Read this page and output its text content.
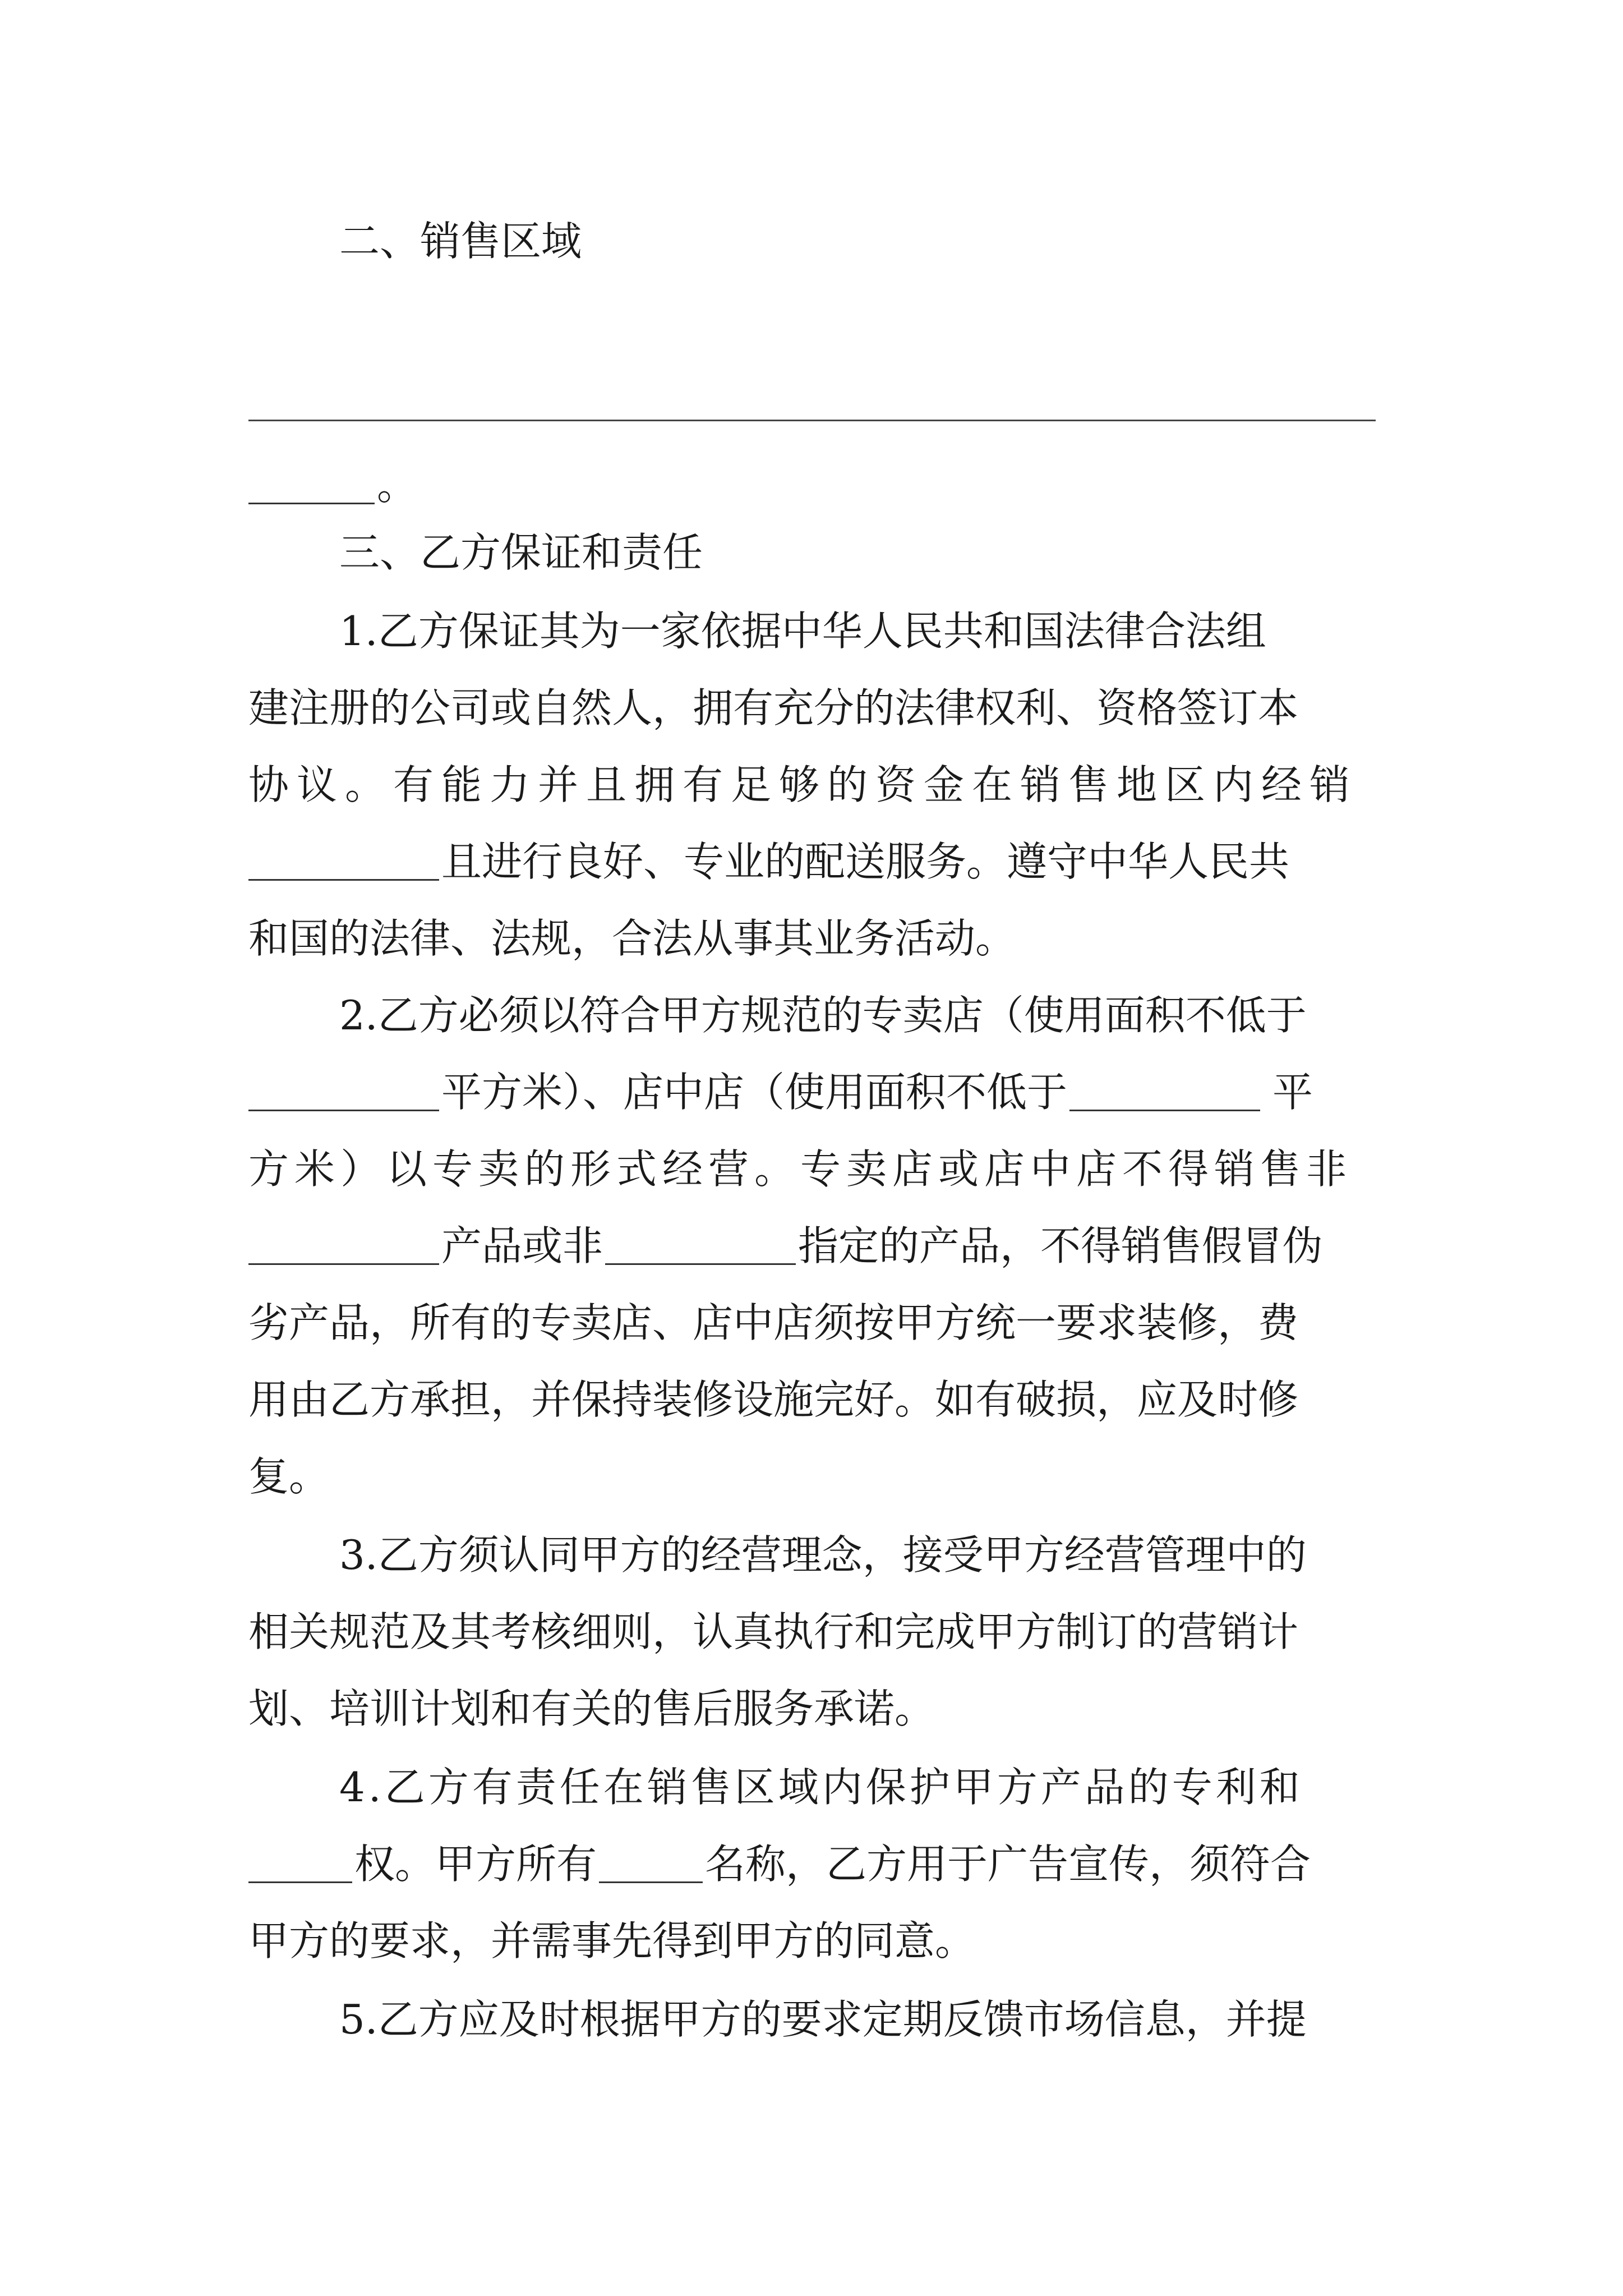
二、销售区域
。
三、乙方保证和责任
1.乙方保证其为一家依据中华人民共和国法律合法组
建注册的公司或自然人，拥有充分的法律权利、资格签订本
协议。有能力并且拥有足够的资金在销售地区内经销
且进行良好、专业的配送服务。遵守中华人民共
和国的法律、法规，合法从事其业务活动。
2.乙方必须以符合甲方规范的专卖店（使用面积不低于
平方米）、店中店（使用面积不低于	平
方米）以专卖的形式经营。专卖店或店中店不得销售非
产品或非	指定的产品，不得销售假冒伪
劣产品，所有的专卖店、店中店须按甲方统一要求装修，费
用由乙方承担，并保持装修设施完好。如有破损，应及时修
复。
3.乙方须认同甲方的经营理念，接受甲方经营管理中的
相关规范及其考核细则，认真执行和完成甲方制订的营销计
划、培训计划和有关的售后服务承诺。
4.乙方有责任在销售区域内保护甲方产品的专利和
权。甲方所有	名称，乙方用于广告宣传，须符合
甲方的要求，并需事先得到甲方的同意。
5.乙方应及时根据甲方的要求定期反馈市场信息，并提
